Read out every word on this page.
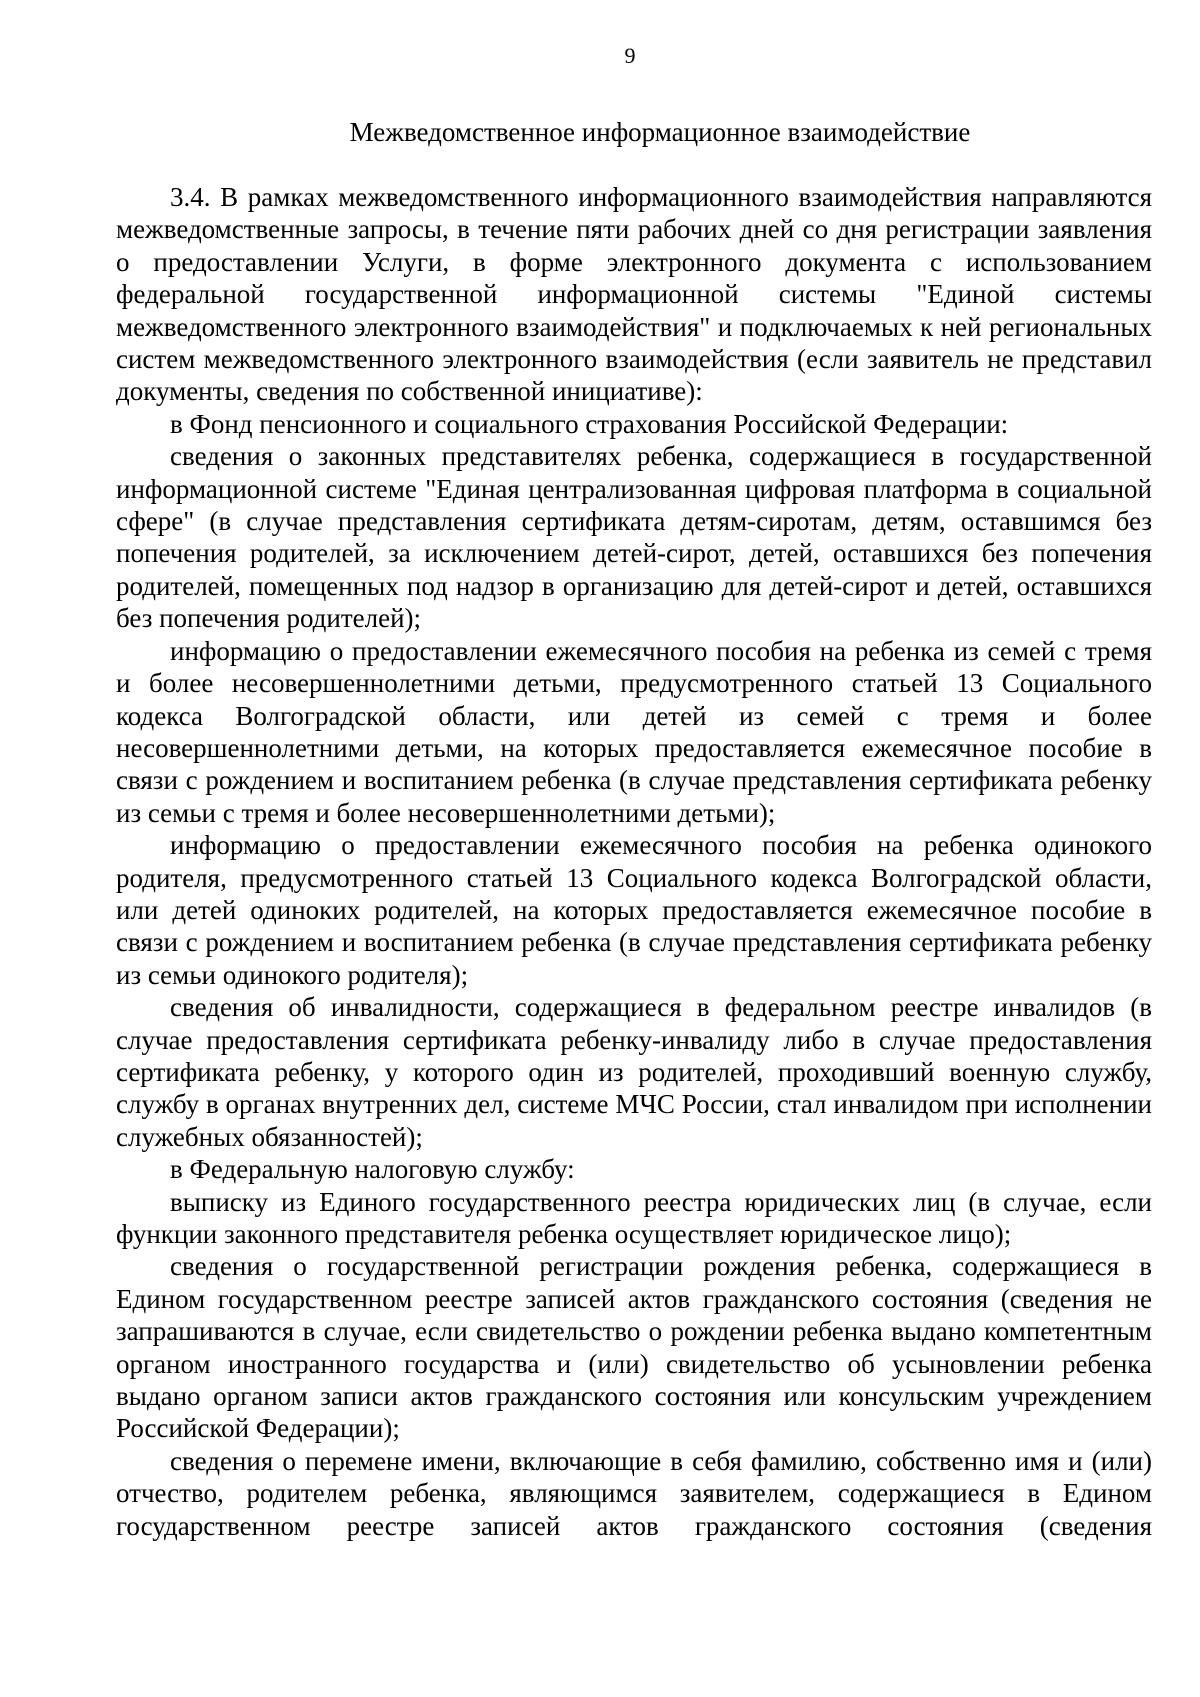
9
Межведомственное информационное взаимодействие

3.4. В рамках межведомственного информационного взаимодействия направляются межведомственные запросы, в течение пяти рабочих дней со дня регистрации заявления о предоставлении Услуги, в форме электронного документа с использованием федеральной государственной информационной системы "Единой системы межведомственного электронного взаимодействия" и подключаемых к ней региональных систем межведомственного электронного взаимодействия (если заявитель не представил документы, сведения по собственной инициативе):

в Фонд пенсионного и социального страхования Российской Федерации:

сведения о законных представителях ребенка, содержащиеся в государственной информационной системе "Единая централизованная цифровая платформа в социальной сфере" (в случае представления сертификата детям-сиротам, детям, оставшимся без попечения родителей, за исключением детей-сирот, детей, оставшихся без попечения родителей, помещенных под надзор в организацию для детей-сирот и детей, оставшихся без попечения родителей);

информацию о предоставлении ежемесячного пособия на ребенка из семей с тремя и более несовершеннолетними детьми, предусмотренного статьей 13 Социального кодекса Волгоградской области, или детей из семей с тремя и более несовершеннолетними детьми, на которых предоставляется ежемесячное пособие в связи с рождением и воспитанием ребенка (в случае представления сертификата ребенку из семьи с тремя и более несовершеннолетними детьми);

информацию о предоставлении ежемесячного пособия на ребенка одинокого родителя, предусмотренного статьей 13 Социального кодекса Волгоградской области, или детей одиноких родителей, на которых предоставляется ежемесячное пособие в связи с рождением и воспитанием ребенка (в случае представления сертификата ребенку из семьи одинокого родителя);

сведения об инвалидности, содержащиеся в федеральном реестре инвалидов (в случае предоставления сертификата ребенку-инвалиду либо в случае предоставления сертификата ребенку, у которого один из родителей, проходивший военную службу, службу в органах внутренних дел, системе МЧС России, стал инвалидом при исполнении служебных обязанностей);

в Федеральную налоговую службу:

выписку из Единого государственного реестра юридических лиц (в случае, если функции законного представителя ребенка осуществляет юридическое лицо);

сведения о государственной регистрации рождения ребенка, содержащиеся в Едином государственном реестре записей актов гражданского состояния (сведения не запрашиваются в случае, если свидетельство о рождении ребенка выдано компетентным органом иностранного государства и (или) свидетельство об усыновлении ребенка выдано органом записи актов гражданского состояния или консульским учреждением Российской Федерации);

сведения о перемене имени, включающие в себя фамилию, собственно имя и (или) отчество, родителем ребенка, являющимся заявителем, содержащиеся в Едином государственном реестре записей актов гражданского состояния (сведения
